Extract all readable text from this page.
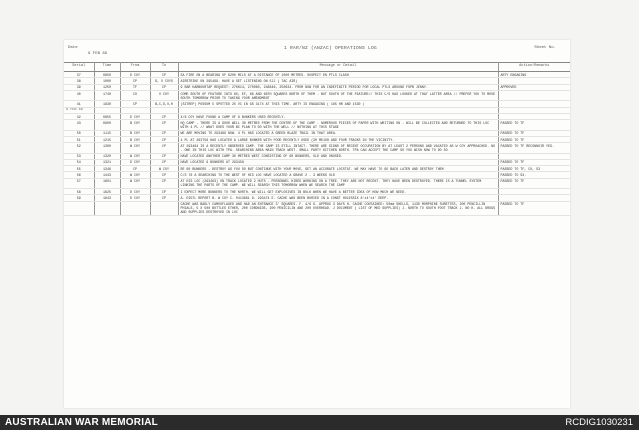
Date
9 FEB 69
1 RAR/NZ (ANZAC) OPERATIONS LOG	Sheet No.
Serial	Time	From	To	Message or Detail	Action/Remarks
37	0850	D COY	CP	5A FIRE ON A BEARING OF 6200 MILS AT A DISTANCE OF 1000 METRES. SUSPECT EN PTLS CLASH	ARTY ENGAGING
38	1000	CP	D, V COYS	AIRSTRIKE ON 295499. HAVE A SET LISTENING ON 5JJ ( TAC AIR)	
39	1250	TF	CP	9 RAR HARBOURTAP REQUEST: 270614, 270060, 248846, 250634. FROM NOW FOR AN INDEFINITE PERIOD FOR LOCAL PTLS AROUND FSPB JENNY.	APPROVED
40	1740	CO	V COY	COME SOUTH OF FEATURE INTO 65; EF, 66 AND 66TH SQUARES NORTH OF THEM - BUT SOUTH OF THE FEATURE// THIS C/S HAS LOOKED AT THAT LATTER AREA // PREFER YOU TO MOVE SOUTH TOMORROW PRIOR TO TAKING YOUR AMENDMENT	
41	1930	CP	B,C,D,V,H	(SITREP) POSSUM 5 SPOTTED 25 VC IN GS 3174 AT THIS TIME. ARTY IS ENGAGING ( 165 HR AND 1530 )	
8 FEB 69					
42	0855	D COY	CP	4/6 COY HAVE FOUND A CAMP OF 6 BUNKERS USED RECENTLY.	
43	0900	B COY	CP	HQ CAMP - THERE IS A GOOD WELL 30 METRES FROM THE CENTRE OF THE CAMP - NUMEROUS PIECES OF PAPER WITH WRITING ON - WILL BE COLLECTED AND RETURNED TO THIS LOC WITH 4 PL // WHAT DOES YOUR BC PLAN TO DO WITH THE WELL // NOTHING AT THIS STAGE	PASSED TO TF
50	1115	B COY	CP	WE ARE MOVING TO 293489 NOW. 4 PL HAS LOCATED A GREEN BLAZE TRAIL IN THAT AREA.	PASSED TO TF
51	1215	B COY	CP	4 PL AT 263758 HAS LOCATED A LARGE BUNKER WITH FOOD RECENTLY USED (30 ME1SH AND FOUR TRACKS IN THE VICINITY.	PASSED TO TF
52	1300	W COY	CP	AT 293464 IS A RECENTLY OBSERVED CAMP. THE CAMP IS STILL INTACT. THERE ARE SIGNS OF RECENT OCCUPATION BY AT LEAST 2 PERSONS AND VACATED AS W COY APPROACHED. NO - ONE IN THIS LOC WITH TPA. SEARCHING AREA MAIN TRACK WEST. SMALL PARTY KITCHEN NORTH. TPA CAN ACCEPT THE CAMP SO YOU WISH NOW TO DO SO	PASSED TO TF RECONNOIR YES.
53	1320	W COY	CP	HAVE LOCATED ANOTHER CAMP 30 METRES WEST CONSISTING OF 60 BUNKERS, OLD AND UNUSED.	
54	1321	D COY	CP	HAVE LOCATED 9 BUNKERS AT 293458	PASSED TO TF
55	1346	CP	W COY	RE 60 BUNKERS - DESTROY AS YOU DO BUT CONTINUE WITH YOUR MOVE, GET AN ACCURATE LOCSTAT. WE MAY HAVE TO GO BACK LATER AND DESTROY THEM	PASSED TO TF, CO, S3
56	1443	W COY	CP	C/S 78 A SEARCHING TO THE WEST OF HIS LOC HAVE LOCATED A GRAVE 2 - 3 WEEKS OLD	PASSED TO S3.
57	1601	W COY	CP	AT HIS LOC (293463) ON TRACK LOCATED 2 HUTS - PERSONNEL HIRED WORKING ON A TREE. THEY ARE NOT RECENT. THEY HAVE BEEN DESTROYED. THERE IS A TUNNEL SYSTEM LINKING THE PARTS OF THE CAMP. WE WILL SEARCH THIS TOMORROW WHEN WE SEARCH THE CAMP	PASSED TO TF
58	1625	D COY	CP	I EXPECT MORE BUNKERS TO THE NORTH. WE WILL GET EXPLOSIVES IN BULK WHEN WE HAVE A BETTER IDEA OF HOW MUCH WE NEED.	
59	1643	D COY	CP	A. DIGTL REPORT B. W COY C. 0413681 D. 293474 E. CACHE WAS BEEN BURIED IN A CONST HOLESSIX 8'x4'x4' DEEP.	
				CACHE WAS BADLY CAMOUFLAGED AND HAD AN ENTRANCE 3' SQUARES. F. 4/6 G. APPROX 3 DAYS H. CACHE CONTAINED: 50mm SHELLS, 1130 MORPHINE SURETTES, 200 PENCILLIN PHIALS, 5 X 500 BOTTLES ETHER, 200 CORDNIDE, 200 PENICILIN AND 200 OVERHEAD. J DOCUMENT ( LIST OF MED SUPPLIES) J. NORTH TO SOUTH FOOT TRACK J. NO K. ALL DRUGS AND SUPPLIES DESTROYED IN LOC	PASSED TO TF
AUSTRALIAN WAR MEMORIAL	RCDIG1030231
